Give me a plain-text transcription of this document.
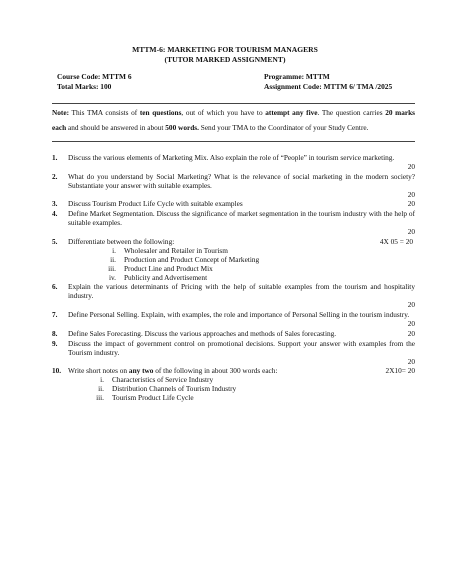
MTTM-6: MARKETING FOR TOURISM MANAGERS
(TUTOR MARKED ASSIGNMENT)
Course Code: MTTM 6	Programme: MTTM
Total Marks: 100	Assignment Code: MTTM 6/ TMA /2025
Note: This TMA consists of ten questions, out of which you have to attempt any five. The question carries 20 marks each and should be answered in about 500 words. Send your TMA to the Coordinator of your Study Centre.
1.	Discuss the various elements of Marketing Mix. Also explain the role of “People” in tourism service marketing.
20
2.	What do you understand by Social Marketing? What is the relevance of social marketing in the modern society? Substantiate your answer with suitable examples.
20
3.	20
Discuss Tourism Product Life Cycle with suitable examples
4.	Define Market Segmentation. Discuss the significance of market segmentation in the tourism industry with the help of suitable examples.
20
5.	4X 05 = 20
Differentiate between the following:
i.	Wholesaler and Retailer in Tourism
ii.	Production and Product Concept of Marketing
iii.	Product Line and Product Mix
iv.	Publicity and Advertisement
6.	Explain the various determinants of Pricing with the help of suitable examples from the tourism and hospitality industry.
20
7.	Define Personal Selling. Explain, with examples, the role and importance of Personal Selling in the tourism industry.
20
8.	20
Define Sales Forecasting. Discuss the various approaches and methods of Sales forecasting.
9.	Discuss the impact of government control on promotional decisions. Support your answer with examples from the Tourism industry.
20
10.	2X10= 20
Write short notes on any two of the following in about 300 words each:
i.	Characteristics of Service Industry
ii.	Distribution Channels of Tourism Industry
iii.	Tourism Product Life Cycle
